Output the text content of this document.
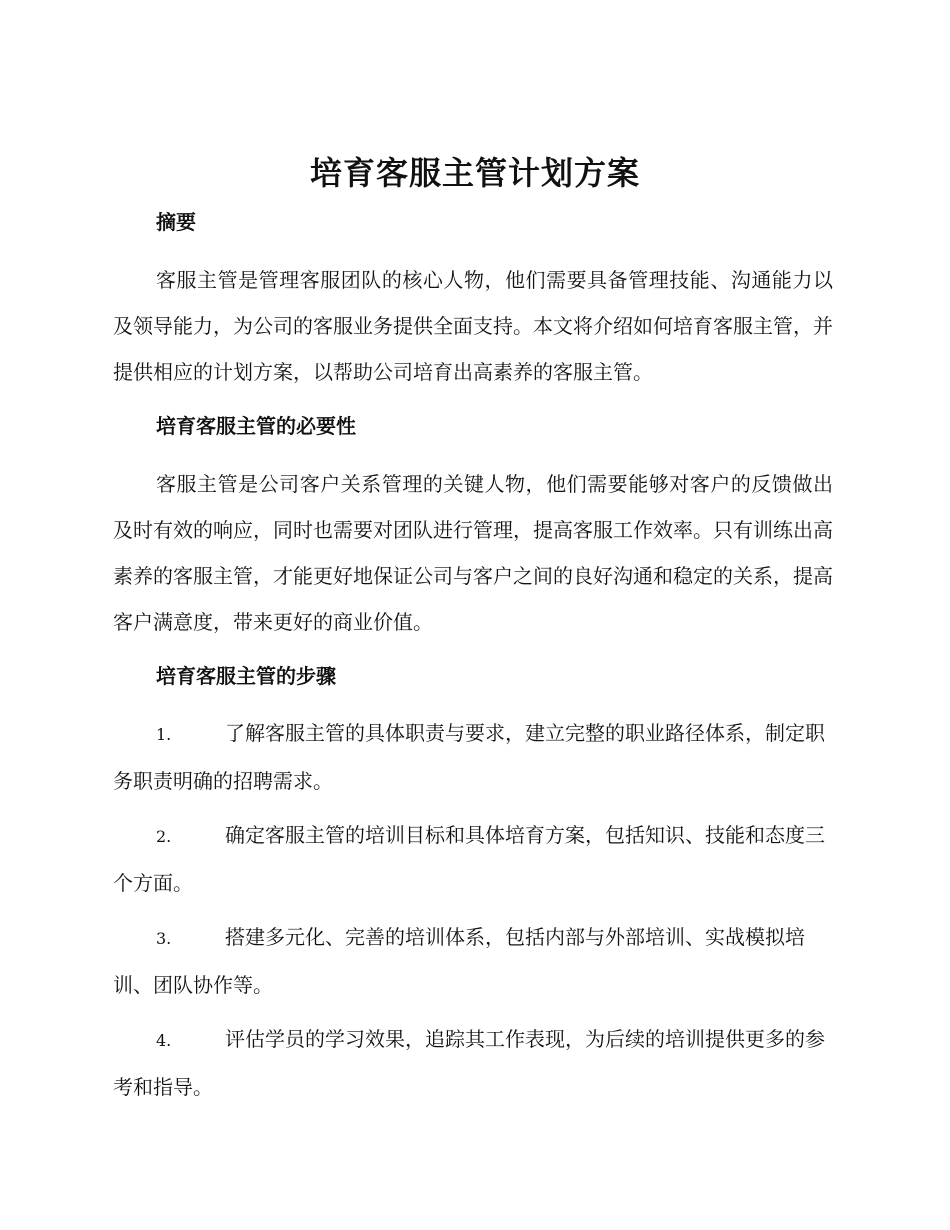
培育客服主管计划方案
摘要
客服主管是管理客服团队的核心人物，他们需要具备管理技能、沟通能力以及领导能力，为公司的客服业务提供全面支持。本文将介绍如何培育客服主管，并提供相应的计划方案，以帮助公司培育出高素养的客服主管。
培育客服主管的必要性
客服主管是公司客户关系管理的关键人物，他们需要能够对客户的反馈做出及时有效的响应，同时也需要对团队进行管理，提高客服工作效率。只有训练出高素养的客服主管，才能更好地保证公司与客户之间的良好沟通和稳定的关系，提高客户满意度，带来更好的商业价值。
培育客服主管的步骤
1.	了解客服主管的具体职责与要求，建立完整的职业路径体系，制定职务职责明确的招聘需求。
2.	确定客服主管的培训目标和具体培育方案，包括知识、技能和态度三个方面。
3.	搭建多元化、完善的培训体系，包括内部与外部培训、实战模拟培训、团队协作等。
4.	评估学员的学习效果，追踪其工作表现，为后续的培训提供更多的参考和指导。
